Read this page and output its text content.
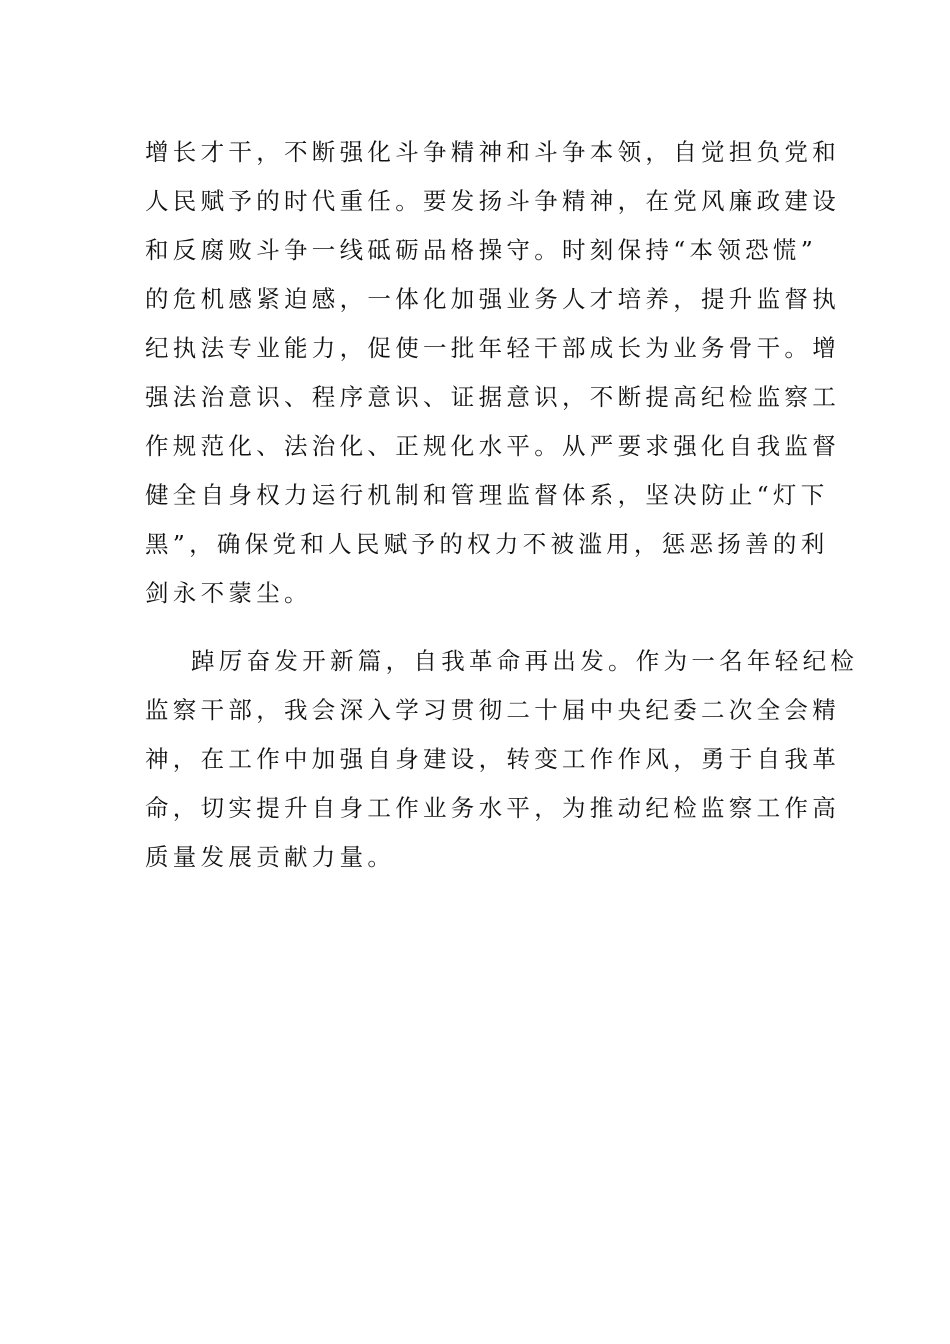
增长才干，不断强化斗争精神和斗争本领，自觉担负党和
人民赋予的时代重任。要发扬斗争精神，在党风廉政建设
和反腐败斗争一线砥砺品格操守。时刻保持“本领恐慌”
的危机感紧迫感，一体化加强业务人才培养，提升监督执
纪执法专业能力，促使一批年轻干部成长为业务骨干。增
强法治意识、程序意识、证据意识，不断提高纪检监察工
作规范化、法治化、正规化水平。从严要求强化自我监督
健全自身权力运行机制和管理监督体系，坚决防止“灯下
黑”，确保党和人民赋予的权力不被滥用，惩恶扬善的利
剑永不蒙尘。
踔厉奋发开新篇，自我革命再出发。作为一名年轻纪检
监察干部，我会深入学习贯彻二十届中央纪委二次全会精
神，在工作中加强自身建设，转变工作作风，勇于自我革
命，切实提升自身工作业务水平，为推动纪检监察工作高
质量发展贡献力量。
